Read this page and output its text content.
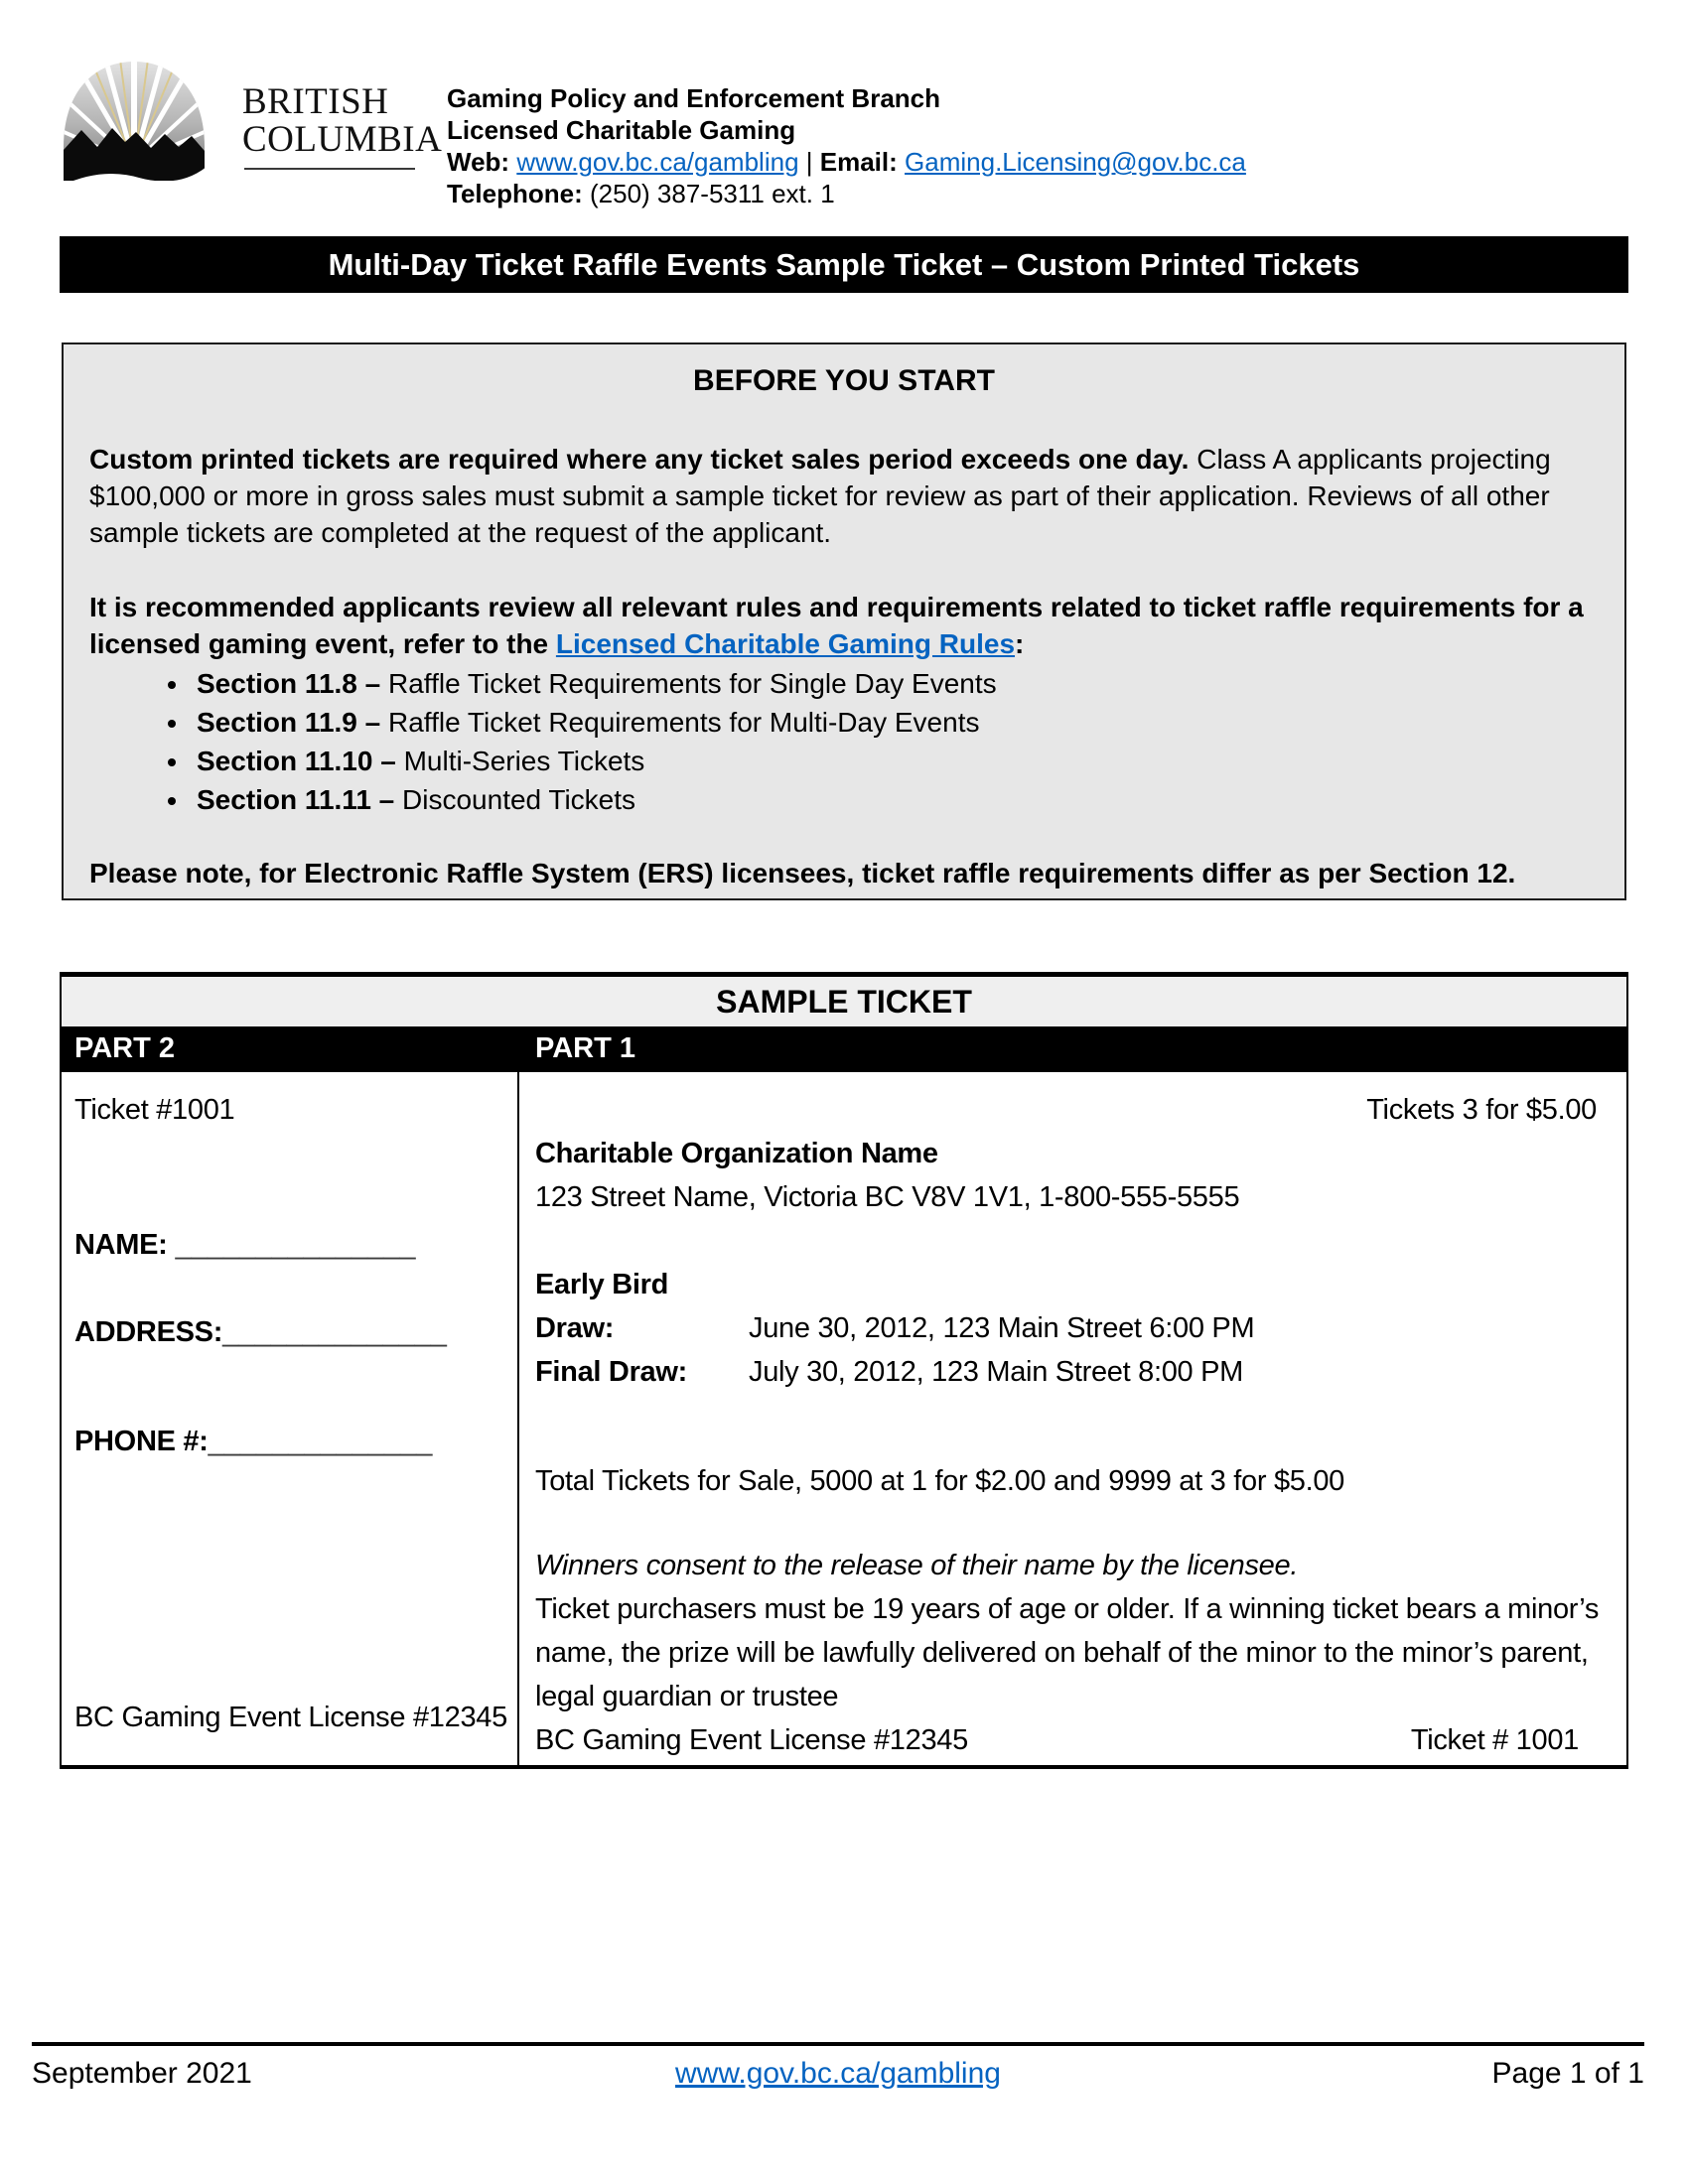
BRITISH
COLUMBIA
Gaming Policy and Enforcement Branch
Licensed Charitable Gaming
Web: www.gov.bc.ca/gambling | Email: Gaming.Licensing@gov.bc.ca
Telephone: (250) 387-5311 ext. 1
Multi-Day Ticket Raffle Events Sample Ticket – Custom Printed Tickets
BEFORE YOU START

Custom printed tickets are required where any ticket sales period exceeds one day. Class A applicants projecting $100,000 or more in gross sales must submit a sample ticket for review as part of their application. Reviews of all other sample tickets are completed at the request of the applicant.

It is recommended applicants review all relevant rules and requirements related to ticket raffle requirements for a licensed gaming event, refer to the Licensed Charitable Gaming Rules:

• Section 11.8 – Raffle Ticket Requirements for Single Day Events
• Section 11.9 – Raffle Ticket Requirements for Multi-Day Events
• Section 11.10 – Multi-Series Tickets
• Section 11.11 – Discounted Tickets

Please note, for Electronic Raffle System (ERS) licensees, ticket raffle requirements differ as per Section 12.

SAMPLE TICKET
PART 2	PART 1
Ticket #1001
NAME: _______________
ADDRESS:______________
PHONE #:______________
BC Gaming Event License #12345
Tickets 3 for $5.00
Charitable Organization Name
123 Street Name, Victoria BC V8V 1V1, 1-800-555-5555
Early Bird Draw:	June 30, 2012, 123 Main Street 6:00 PM
Final Draw: July 30, 2012, 123 Main Street 8:00 PM
Total Tickets for Sale, 5000 at 1 for $2.00 and 9999 at 3 for $5.00
Winners consent to the release of their name by the licensee.
Ticket purchasers must be 19 years of age or older. If a winning ticket bears a minor’s name, the prize will be lawfully delivered on behalf of the minor to the minor’s parent, legal guardian or trustee
BC Gaming Event License #12345	Ticket # 1001
September 2021	www.gov.bc.ca/gambling	Page 1 of 1
